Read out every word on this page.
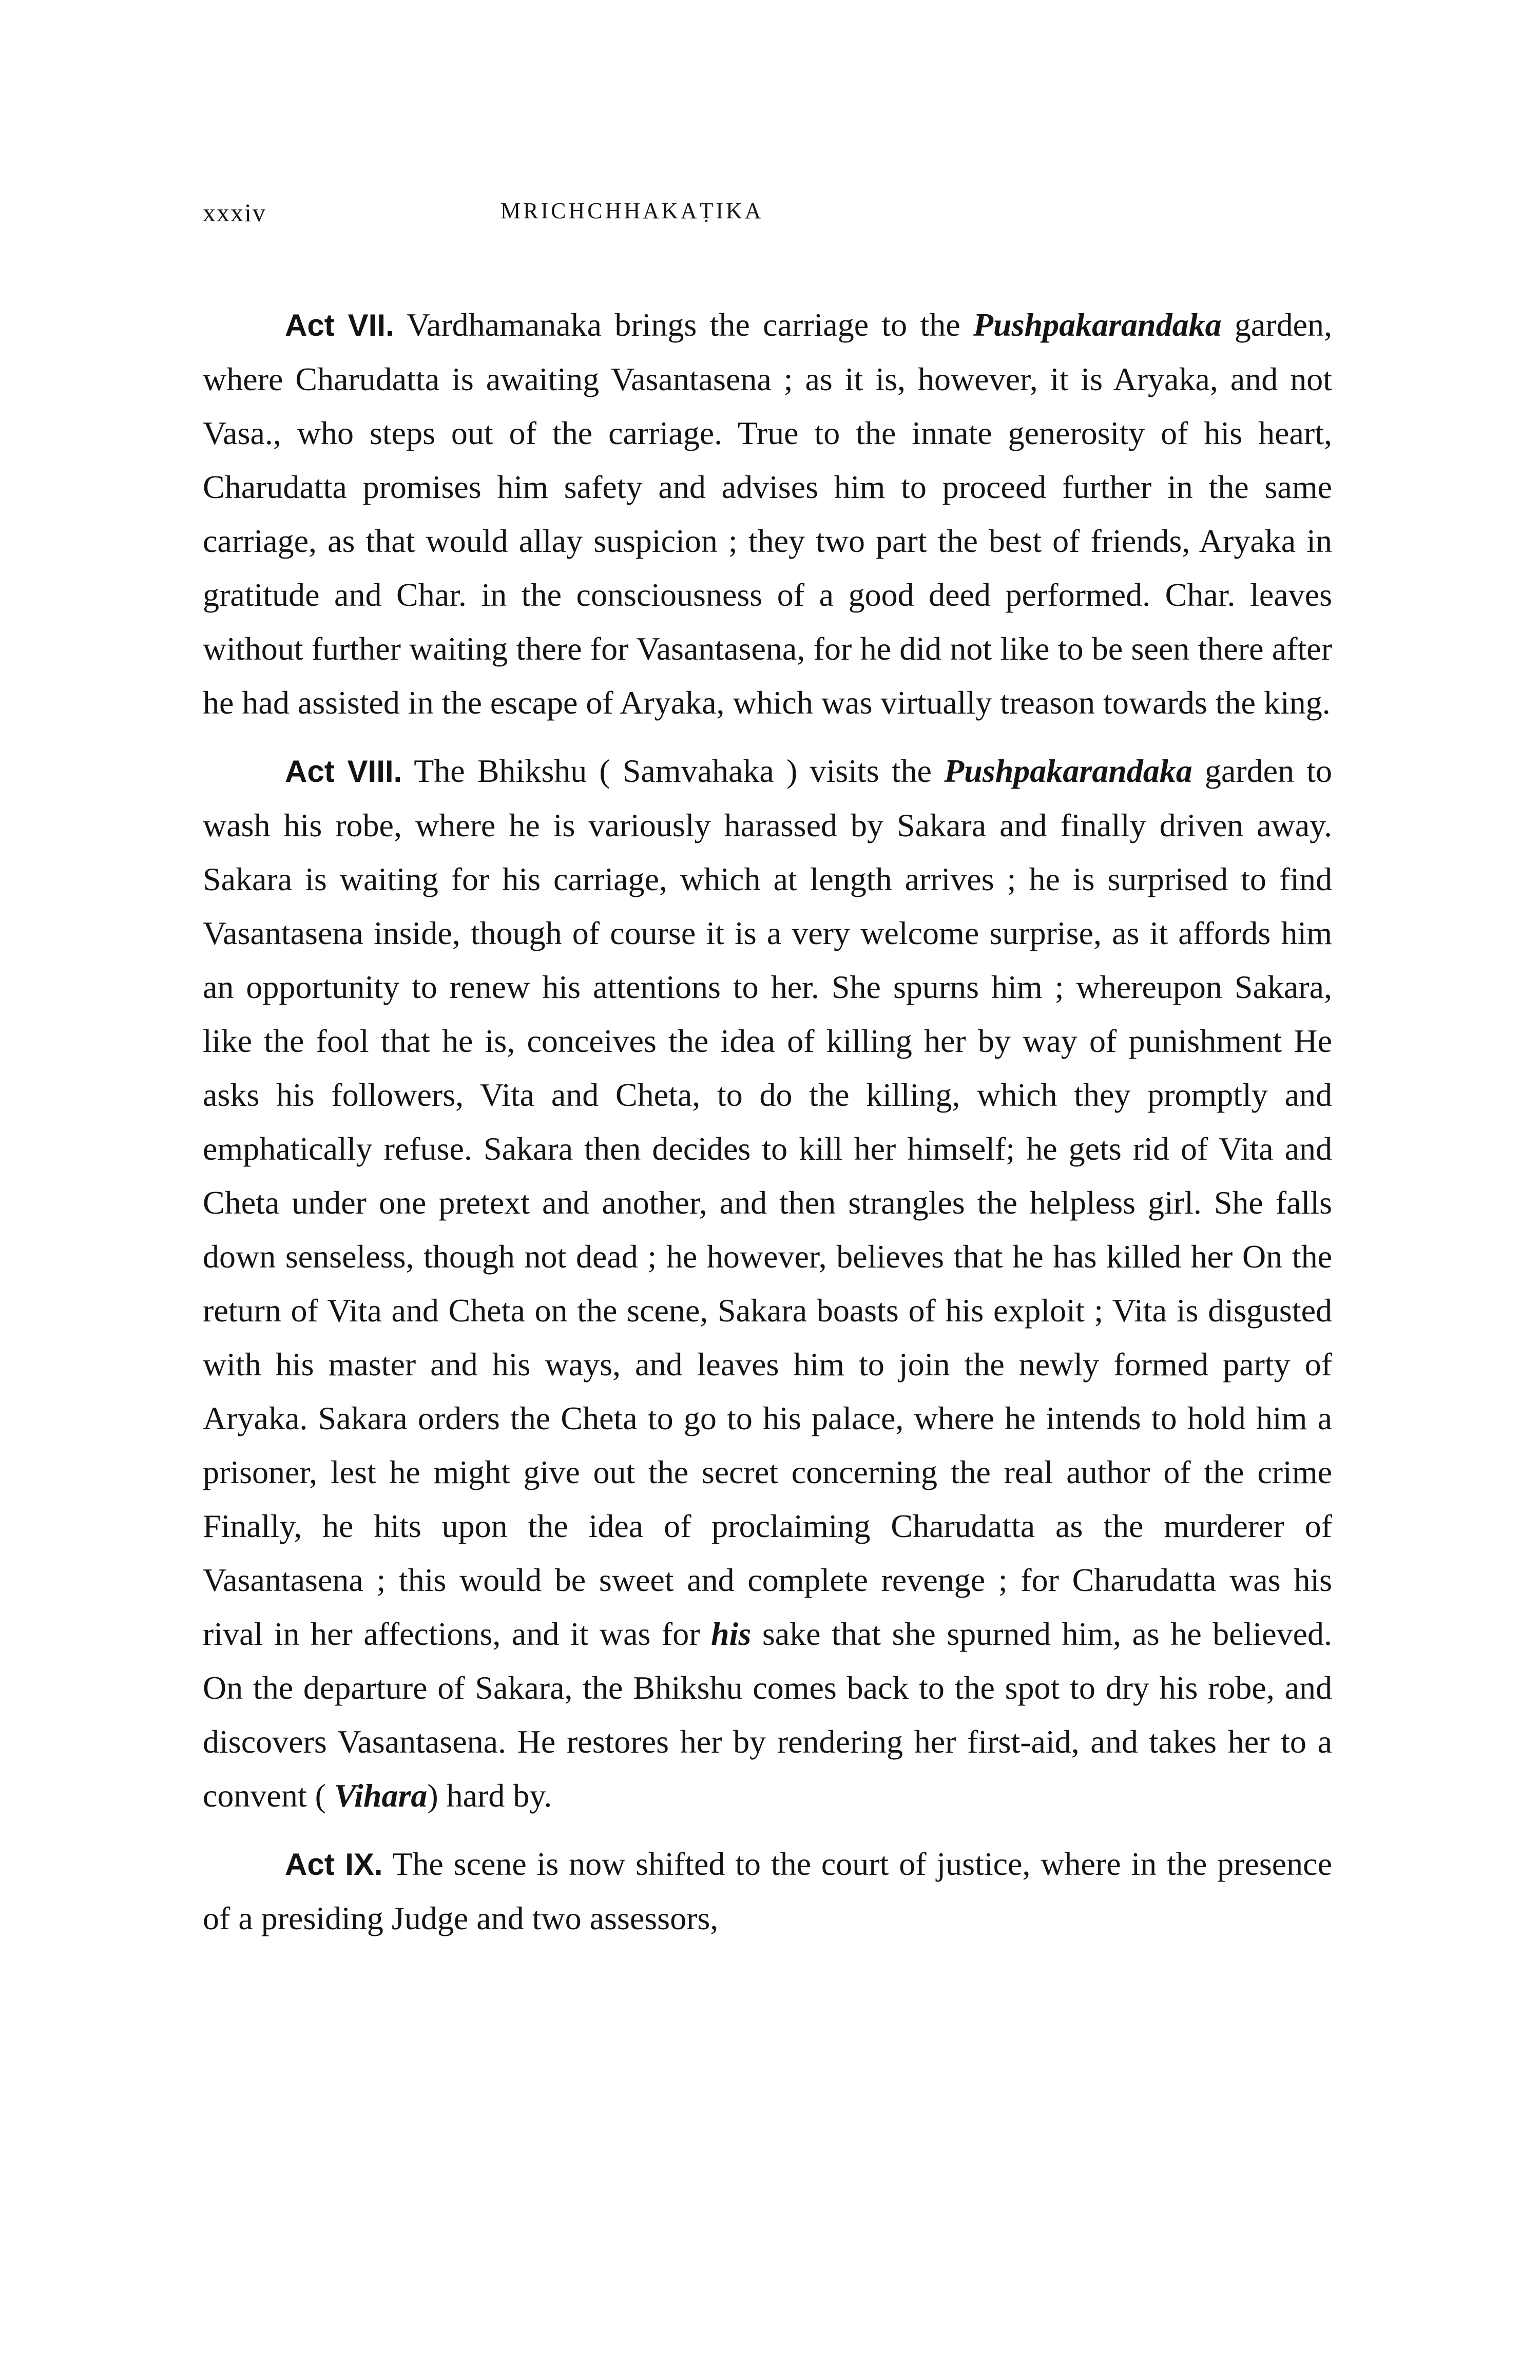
xxxiv	MRICHCHHAKAṬIKA

Act VII. Vardhamanaka brings the carriage to the Pushpakarandaka garden, where Charudatta is awaiting Vasantasena ; as it is, however, it is Aryaka, and not Vasa., who steps out of the carriage. True to the innate generosity of his heart, Charudatta promises him safety and advises him to proceed further in the same carriage, as that would allay suspicion ; they two part the best of friends, Aryaka in gratitude and Char. in the consciousness of a good deed performed. Char. leaves without further waiting there for Vasantasena, for he did not like to be seen there after he had assisted in the escape of Aryaka, which was virtually treason towards the king.

Act VIII. The Bhikshu ( Samvahaka ) visits the Pushpakarandaka garden to wash his robe, where he is variously harassed by Sakara and finally driven away. Sakara is waiting for his carriage, which at length arrives ; he is surprised to find Vasantasena inside, though of course it is a very welcome surprise, as it affords him an opportunity to renew his attentions to her. She spurns him ; whereupon Sakara, like the fool that he is, conceives the idea of killing her by way of punishment He asks his followers, Vita and Cheta, to do the killing, which they promptly and emphatically refuse. Sakara then decides to kill her himself; he gets rid of Vita and Cheta under one pretext and another, and then strangles the helpless girl. She falls down senseless, though not dead ; he however, believes that he has killed her On the return of Vita and Cheta on the scene, Sakara boasts of his exploit ; Vita is disgusted with his master and his ways, and leaves him to join the newly formed party of Aryaka. Sakara orders the Cheta to go to his palace, where he intends to hold him a prisoner, lest he might give out the secret concerning the real author of the crime Finally, he hits upon the idea of proclaiming Charudatta as the murderer of Vasantasena ; this would be sweet and complete revenge ; for Charudatta was his rival in her affections, and it was for his sake that she spurned him, as he believed. On the departure of Sakara, the Bhikshu comes back to the spot to dry his robe, and discovers Vasantasena. He restores her by rendering her first-aid, and takes her to a convent ( Vihara) hard by.

Act IX. The scene is now shifted to the court of justice, where in the presence of a presiding Judge and two assessors,
